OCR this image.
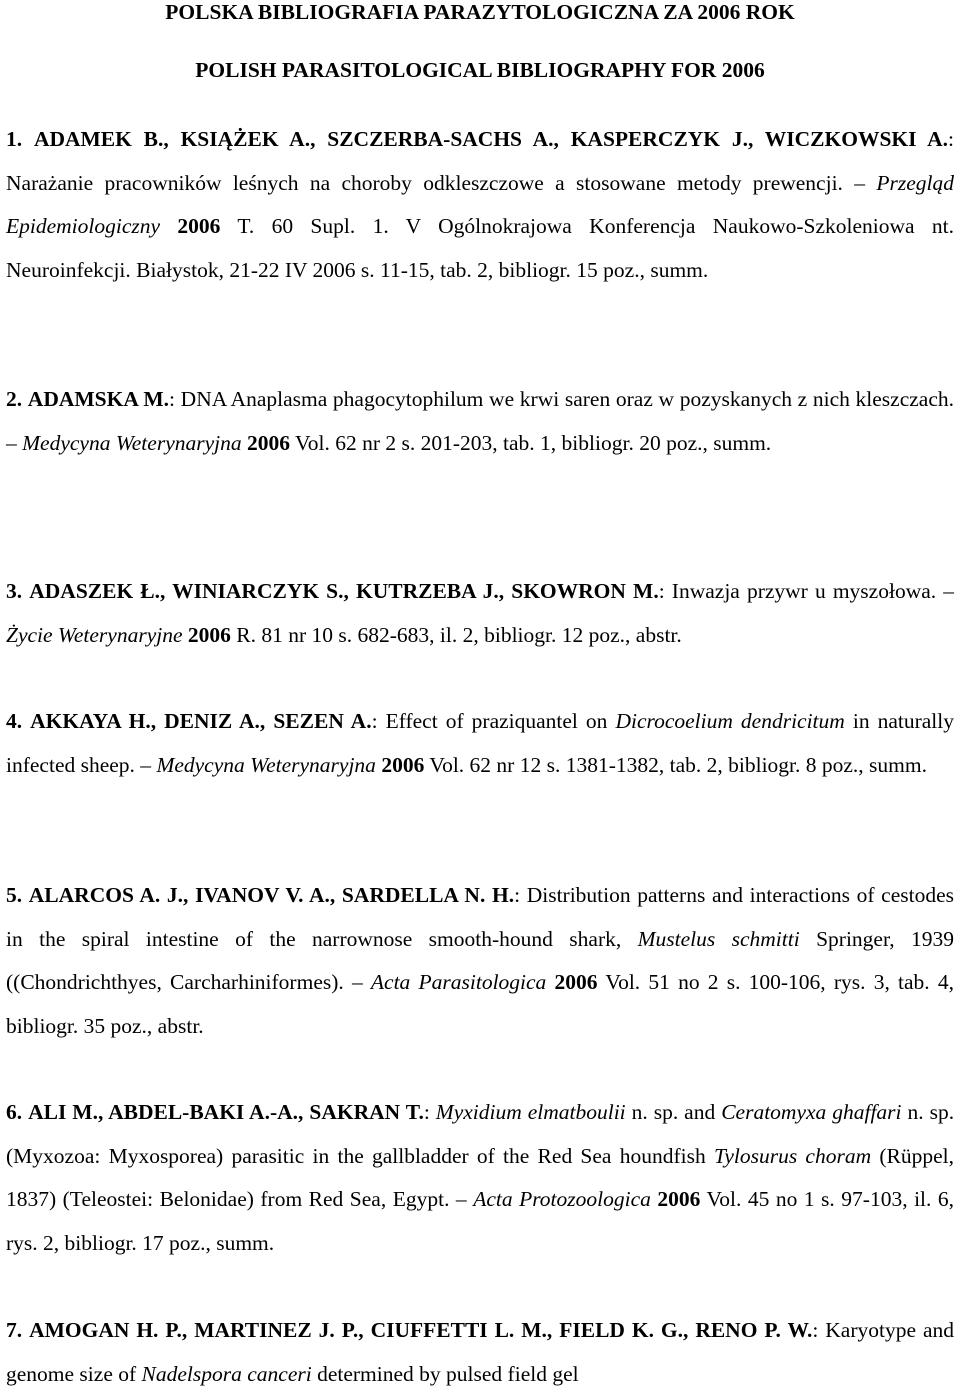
POLSKA BIBLIOGRAFIA PARAZYTOLOGICZNA ZA 2006 ROK
POLISH PARASITOLOGICAL BIBLIOGRAPHY FOR 2006
1. ADAMEK B., KSIĄŻEK A., SZCZERBA-SACHS A., KASPERCZYK J., WICZKOWSKI A.: Narażanie pracowników leśnych na choroby odkleszczowe a stosowane metody prewencji. – Przegląd Epidemiologiczny 2006 T. 60 Supl. 1. V Ogólnokrajowa Konferencja Naukowo-Szkoleniowa nt. Neuroinfekcji. Białystok, 21-22 IV 2006 s. 11-15, tab. 2, bibliogr. 15 poz., summ.
2. ADAMSKA M.: DNA Anaplasma phagocytophilum we krwi saren oraz w pozyskanych z nich kleszczach. – Medycyna Weterynaryjna 2006 Vol. 62 nr 2 s. 201-203, tab. 1, bibliogr. 20 poz., summ.
3. ADASZEK Ł., WINIARCZYK S., KUTRZEBA J., SKOWRON M.: Inwazja przywr u myszołowa. – Życie Weterynaryjne 2006 R. 81 nr 10 s. 682-683, il. 2, bibliogr. 12 poz., abstr.
4. AKKAYA H., DENIZ A., SEZEN A.: Effect of praziquantel on Dicrocoelium dendricitum in naturally infected sheep. – Medycyna Weterynaryjna 2006 Vol. 62 nr 12 s. 1381-1382, tab. 2, bibliogr. 8 poz., summ.
5. ALARCOS A. J., IVANOV V. A., SARDELLA N. H.: Distribution patterns and interactions of cestodes in the spiral intestine of the narrownose smooth-hound shark, Mustelus schmitti Springer, 1939 ((Chondrichthyes, Carcharhiniformes). – Acta Parasitologica 2006 Vol. 51 no 2 s. 100-106, rys. 3, tab. 4, bibliogr. 35 poz., abstr.
6. ALI M., ABDEL-BAKI A.-A., SAKRAN T.: Myxidium elmatboulii n. sp. and Ceratomyxa ghaffari n. sp. (Myxozoa: Myxosporea) parasitic in the gallbladder of the Red Sea houndfish Tylosurus choram (Rüppel, 1837) (Teleostei: Belonidae) from Red Sea, Egypt. – Acta Protozoologica 2006 Vol. 45 no 1 s. 97-103, il. 6, rys. 2, bibliogr. 17 poz., summ.
7. AMOGAN H. P., MARTINEZ J. P., CIUFFETTI L. M., FIELD K. G., RENO P. W.: Karyotype and genome size of Nadelspora canceri determined by pulsed field gel
